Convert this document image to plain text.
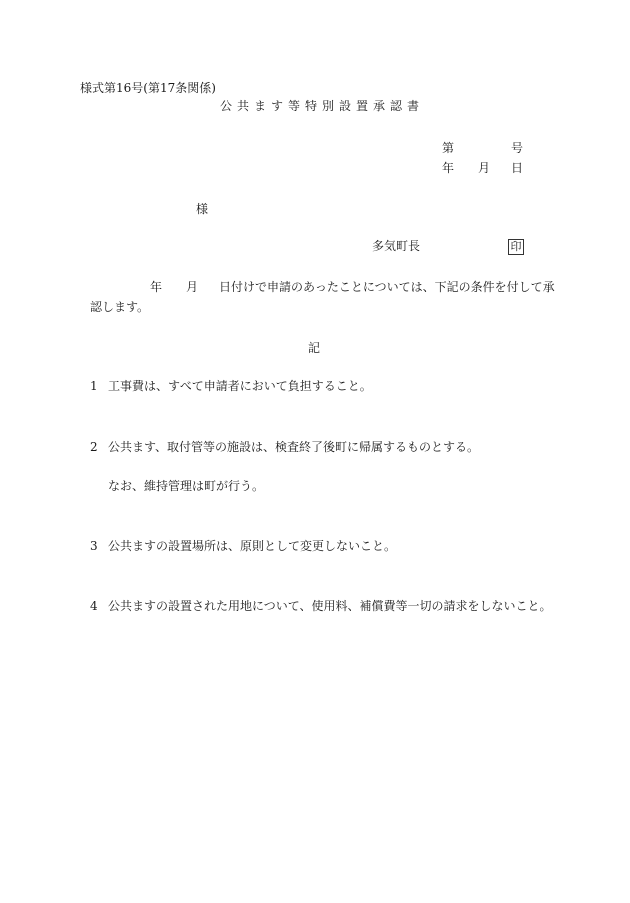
様式第16号(第17条関係)
公共ます等特別設置承認書
第	号
年 月 日
様
多気町長	印
年 月 日付けで申請のあったことについては、下記の条件を付して承
認します。
記
1 工事費は、すべて申請者において負担すること。
2 公共ます、取付管等の施設は、検査終了後町に帰属するものとする。
なお、維持管理は町が行う。
3 公共ますの設置場所は、原則として変更しないこと。
4 公共ますの設置された用地について、使用料、補償費等一切の請求をしないこと。
